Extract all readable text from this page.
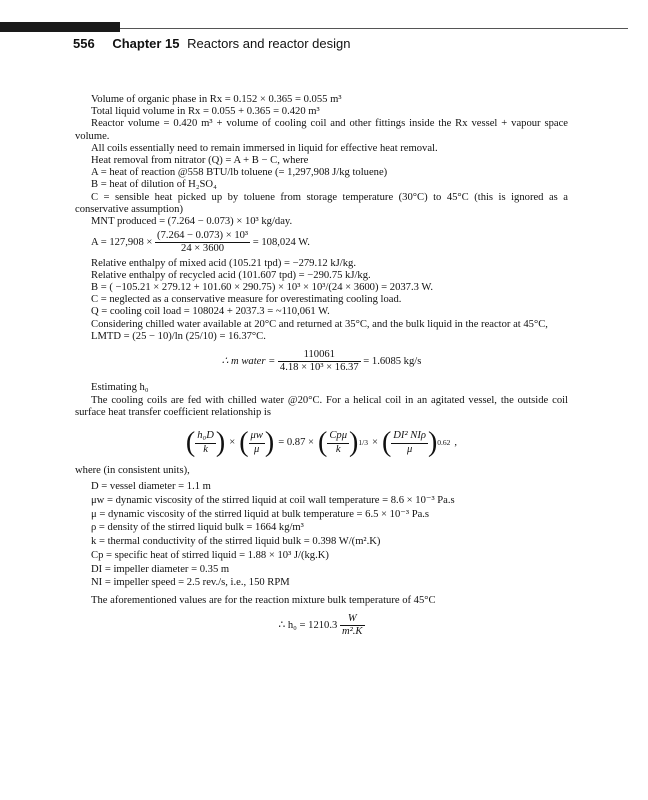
556 Chapter 15 Reactors and reactor design

Volume of organic phase in Rx = 0.152 × 0.365 = 0.055 m³

Total liquid volume in Rx = 0.055 + 0.365 = 0.420 m³

Reactor volume = 0.420 m³ + volume of cooling coil and other fittings inside the Rx vessel + vapour space volume.

All coils essentially need to remain immersed in liquid for effective heat removal.

Heat removal from nitrator (Q) = A + B − C, where

A = heat of reaction @558 BTU/lb toluene (= 1,297,908 J/kg toluene)

B = heat of dilution of H₂SO₄

C = sensible heat picked up by toluene from storage temperature (30°C) to 45°C (this is ignored as a conservative assumption)

MNT produced = (7.264 − 0.073) × 10³ kg/day.

$A = 127,908 \times \frac{\text{(7.264 − 0.073) × 10³}}{24 \times 3600} = 108,024$ W.

Relative enthalpy of mixed acid (105.21 tpd) = −279.12 kJ/kg.

Relative enthalpy of recycled acid (101.607 tpd) = −290.75 kJ/kg.

B = ( −105.21 × 279.12 + 101.60 × 290.75) × 10³ × 10³/(24 × 3600) = 2037.3 W.

C = neglected as a conservative measure for overestimating cooling load.

Q = cooling coil load = 108024 + 2037.3 = ~110,061 W.

Considering chilled water available at 20°C and returned at 35°C, and the bulk liquid in the reactor at 45°C,

LMTD = (25 − 10)/ln (25/10) = 16.37°C.

∴ m water = $\frac{110061}{\text{4.18 × 10³ × 16.37}} = 1.6085$ kg/s

Estimating h₀

The cooling coils are fed with chilled water @20°C. For a helical coil in an agitated vessel, the outside coil surface heat transfer coefficient relationship is

( $\frac{\text{h₀D}}{k}$ ) × ( $\frac{\mu w}{\mu}$ ) = 0.87 × ( $\frac{\text{Cpμ}}{k}$ ) 1/3 × ( $\frac{\text{DI² NIρ}}{\mu}$ ) 0.62 ,

where (in consistent units),

D = vessel diameter = 1.1 m

μw = dynamic viscosity of the stirred liquid at coil wall temperature = 8.6 × 10⁻³ Pa.s

μ = dynamic viscosity of the stirred liquid at bulk temperature = 6.5 × 10⁻³ Pa.s

ρ = density of the stirred liquid bulk = 1664 kg/m³

k = thermal conductivity of the stirred liquid bulk = 0.398 W/(m².K)

Cp = specific heat of stirred liquid = 1.88 × 10³ J/(kg.K)

DI = impeller diameter = 0.35 m

NI = impeller speed = 2.5 rev./s, i.e., 150 RPM

The aforementioned values are for the reaction mixture bulk temperature of 45°C

∴ $h_0 = 1210.3 \frac{W}{\text{m².K}}$
